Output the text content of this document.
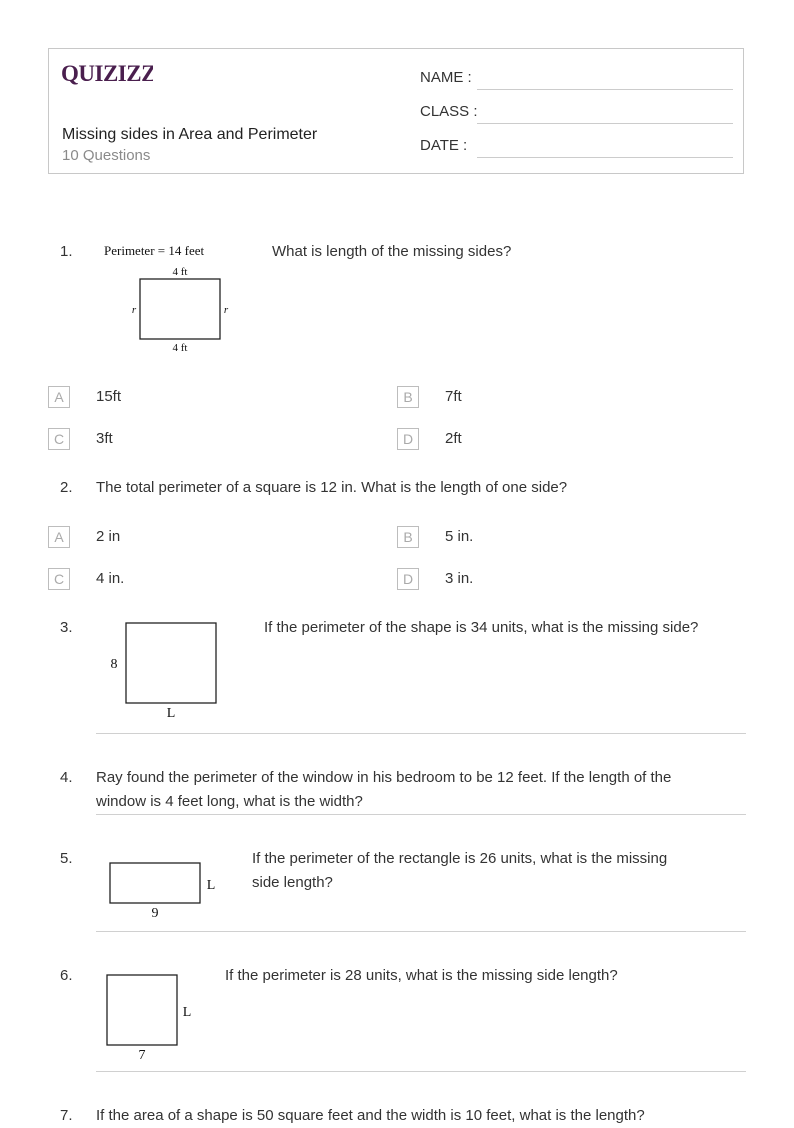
QUIZIZZ
Missing sides in Area and Perimeter
10 Questions
NAME :
CLASS :
DATE :
1. Perimeter = 14 feet
4 ft
r	r
4 ft
What is length of the missing sides?
A	15ft	B	7ft
C	3ft	D	2ft
2. The total perimeter of a square is 12 in. What is the length of one side?
A	2 in	B	5 in.
C	4 in.	D	3 in.
3.
8
L
If the perimeter of the shape is 34 units, what is the missing side?
4. Ray found the perimeter of the window in his bedroom to be 12 feet. If the length of the
window is 4 feet long, what is the width?
5.
L
9
If the perimeter of the rectangle is 26 units, what is the missing
side length?
6.
L
7
If the perimeter is 28 units, what is the missing side length?
7. If the area of a shape is 50 square feet and the width is 10 feet, what is the length?
